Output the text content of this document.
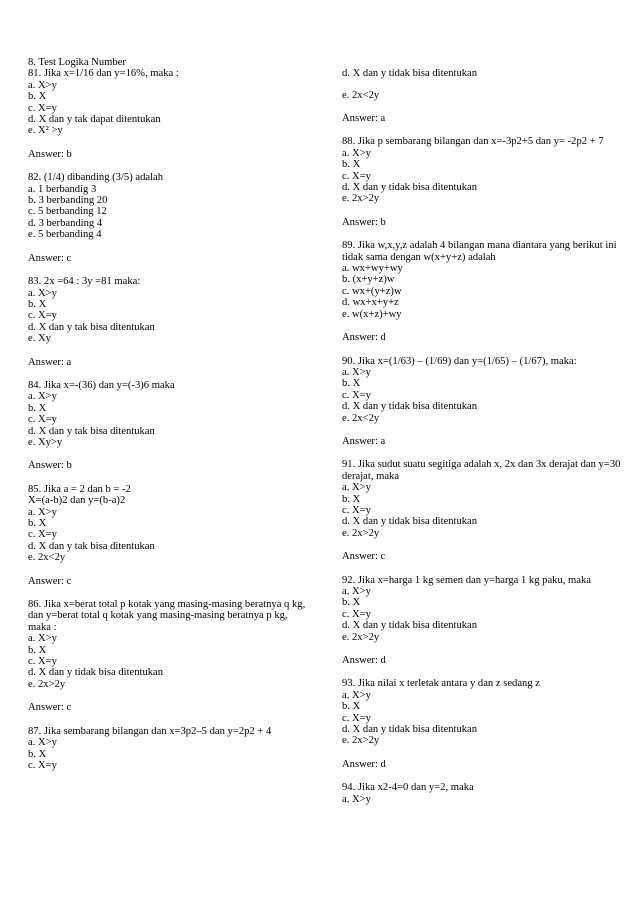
8. Test Logika Number

81. Jika x=1/16 dan y=16%, maka :

a. X>y

b. X

c. X=y

d. X dan y tak dapat ditentukan

e. X² >y

Answer: b

82. (1/4) dibanding (3/5) adalah

a. 1 berbandig 3

b. 3 berbanding 20

c. 5 berbanding 12

d. 3 berbanding 4

e. 5 berbanding 4

Answer: c

83. 2x =64 : 3y =81 maka:

a. X>y

b. X

c. X=y

d. X dan y tak bisa ditentukan

e. Xy

Answer: a

84. Jika x=-(36) dan y=(-3)6 maka

a. X>y

b. X

c. X=y

d. X dan y tak bisa ditentukan

e. Xy>y

Answer: b

85. Jika a = 2 dan b = -2

X=(a-b)2 dan y=(b-a)2

a. X>y

b. X

c. X=y

d. X dan y tak bisa ditentukan

e. 2x<2y

Answer: c

86. Jika x=berat total p kotak yang masing-masing beratnya q kg,

dan y=berat total q kotak yang masing-masing beratnya p kg,

maka :

a. X>y

b. X

c. X=y

d. X dan y tidak bisa ditentukan

e. 2x>2y

Answer: c

87. Jika sembarang bilangan dan x=3p2–5 dan y=2p2 + 4

a. X>y

b. X

c. X=y

d. X dan y tidak bisa ditentukan

e. 2x<2y

Answer: a

88. Jika p sembarang bilangan dan x=-3p2+5 dan y= -2p2 + 7

a. X>y

b. X

c. X=y

d. X dan y tidak bisa ditentukan

e. 2x>2y

Answer: b

89. Jika w,x,y,z adalah 4 bilangan mana diantara yang berikut ini

tidak sama dengan w(x+y+z) adalah

a. wx+wy+wy

b. (x+y+z)w

c. wx+(y+z)w

d. wx+x+y+z

e. w(x+z)+wy

Answer: d

90. Jika x=(1/63) – (1/69) dan y=(1/65) – (1/67), maka:

a. X>y

b. X

c. X=y

d. X dan y tidak bisa ditentukan

e. 2x<2y

Answer: a

91. Jika sudut suatu segitiga adalah x, 2x dan 3x derajat dan y=30

derajat, maka

a. X>y

b. X

c. X=y

d. X dan y tidak bisa ditentukan

e. 2x>2y

Answer: c

92. Jika x=harga 1 kg semen dan y=harga 1 kg paku, maka

a. X>y

b. X

c. X=y

d. X dan y tidak bisa ditentukan

e. 2x>2y

Answer: d

93. Jika nilai x terletak antara y dan z sedang z

a. X>y

b. X

c. X=y

d. X dan y tidak bisa ditentukan

e. 2x>2y

Answer: d

94. Jika x2-4=0 dan y=2, maka

a. X>y
